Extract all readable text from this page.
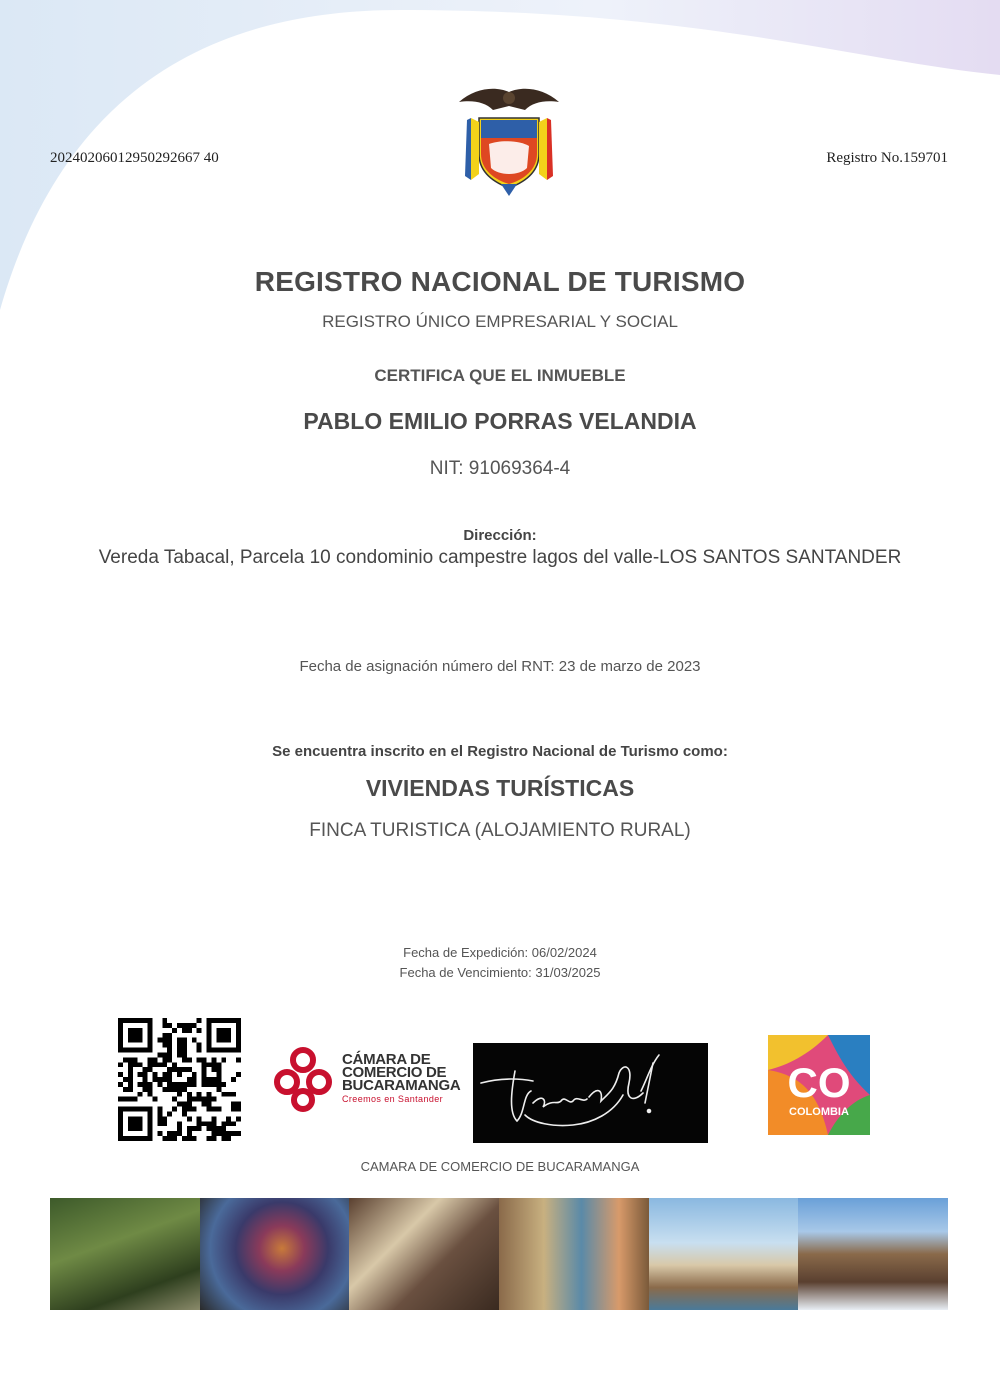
20240206012950292667 40	Registro No.159701
REGISTRO NACIONAL DE TURISMO
REGISTRO ÚNICO EMPRESARIAL Y SOCIAL
CERTIFICA QUE EL INMUEBLE
PABLO EMILIO PORRAS VELANDIA
NIT: 91069364-4
Dirección:
Vereda Tabacal, Parcela 10 condominio campestre lagos del valle-LOS SANTOS SANTANDER
Fecha de asignación número del RNT: 23 de marzo de 2023
Se encuentra inscrito en el Registro Nacional de Turismo como:
VIVIENDAS TURÍSTICAS
FINCA TURISTICA (ALOJAMIENTO RURAL)
Fecha de Expedición: 06/02/2024
Fecha de Vencimiento: 31/03/2025
CÁMARA DE
COMERCIO DE
BUCARAMANGA
Creemos en Santander	CO
COLOMBIA
CAMARA DE COMERCIO DE BUCARAMANGA
